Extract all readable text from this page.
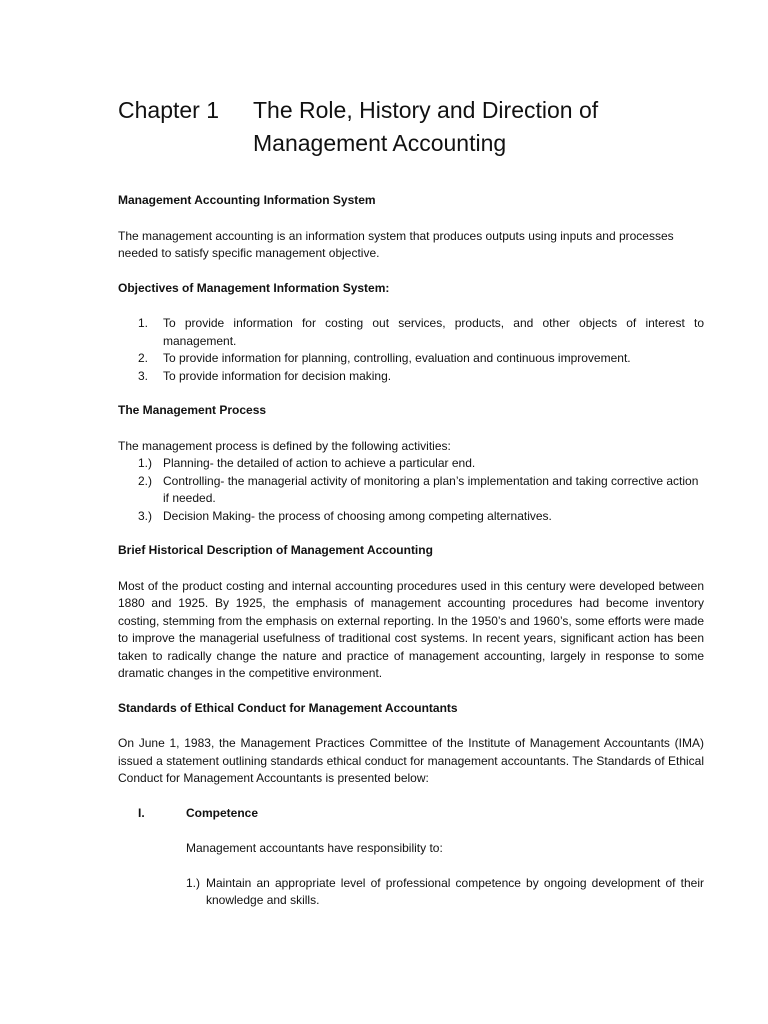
Chapter 1 The Role, History and Direction of Management Accounting
Management Accounting Information System
The management accounting is an information system that produces outputs using inputs and processes needed to satisfy specific management objective.
Objectives of Management Information System:
1. To provide information for costing out services, products, and other objects of interest to management.
2. To provide information for planning, controlling, evaluation and continuous improvement.
3. To provide information for decision making.
The Management Process
The management process is defined by the following activities:
1.) Planning- the detailed of action to achieve a particular end.
2.) Controlling- the managerial activity of monitoring a plan’s implementation and taking corrective action if needed.
3.) Decision Making- the process of choosing among competing alternatives.
Brief Historical Description of Management Accounting
Most of the product costing and internal accounting procedures used in this century were developed between 1880 and 1925. By 1925, the emphasis of management accounting procedures had become inventory costing, stemming from the emphasis on external reporting. In the 1950’s and 1960’s, some efforts were made to improve the managerial usefulness of traditional cost systems. In recent years, significant action has been taken to radically change the nature and practice of management accounting, largely in response to some dramatic changes in the competitive environment.
Standards of Ethical Conduct for Management Accountants
On June 1, 1983, the Management Practices Committee of the Institute of Management Accountants (IMA) issued a statement outlining standards ethical conduct for management accountants. The Standards of Ethical Conduct for Management Accountants is presented below:
I.	Competence
Management accountants have responsibility to:
1.) Maintain an appropriate level of professional competence by ongoing development of their knowledge and skills.
